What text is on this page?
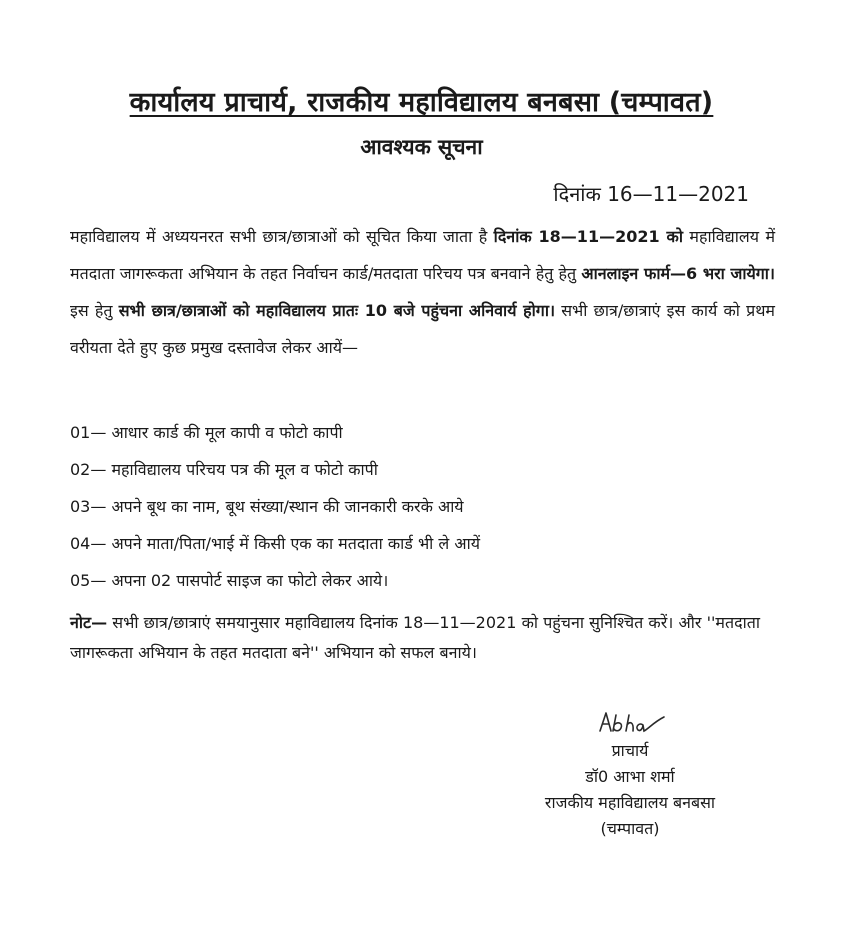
कार्यालय प्राचार्य, राजकीय महाविद्यालय बनबसा (चम्पावत)
आवश्यक सूचना
दिनांक 16—11—2021
महाविद्यालय में अध्ययनरत सभी छात्र/छात्राओं को सूचित किया जाता है दिनांक 18—11—2021 को महाविद्यालय में मतदाता जागरूकता अभियान के तहत निर्वाचन कार्ड/मतदाता परिचय पत्र बनवाने हेतु हेतु आनलाइन फार्म—6 भरा जायेगा। इस हेतु सभी छात्र/छात्राओं को महाविद्यालय प्रातः 10 बजे पहुंचना अनिवार्य होगा। सभी छात्र/छात्राएं इस कार्य को प्रथम वरीयता देते हुए कुछ प्रमुख दस्तावेज लेकर आयें—
01— आधार कार्ड की मूल कापी व फोटो कापी
02— महाविद्यालय परिचय पत्र की मूल व फोटो कापी
03— अपने बूथ का नाम, बूथ संख्या/स्थान की जानकारी करके आये
04— अपने माता/पिता/भाई में किसी एक का मतदाता कार्ड भी ले आयें
05— अपना 02 पासपोर्ट साइज का फोटो लेकर आये।
नोट— सभी छात्र/छात्राएं समयानुसार महाविद्यालय दिनांक 18—11—2021 को पहुंचना सुनिश्चित करें। और ''मतदाता जागरूकता अभियान के तहत मतदाता बने'' अभियान को सफल बनाये।
प्राचार्य
डॉ0 आभा शर्मा
राजकीय महाविद्यालय बनबसा
(चम्पावत)
